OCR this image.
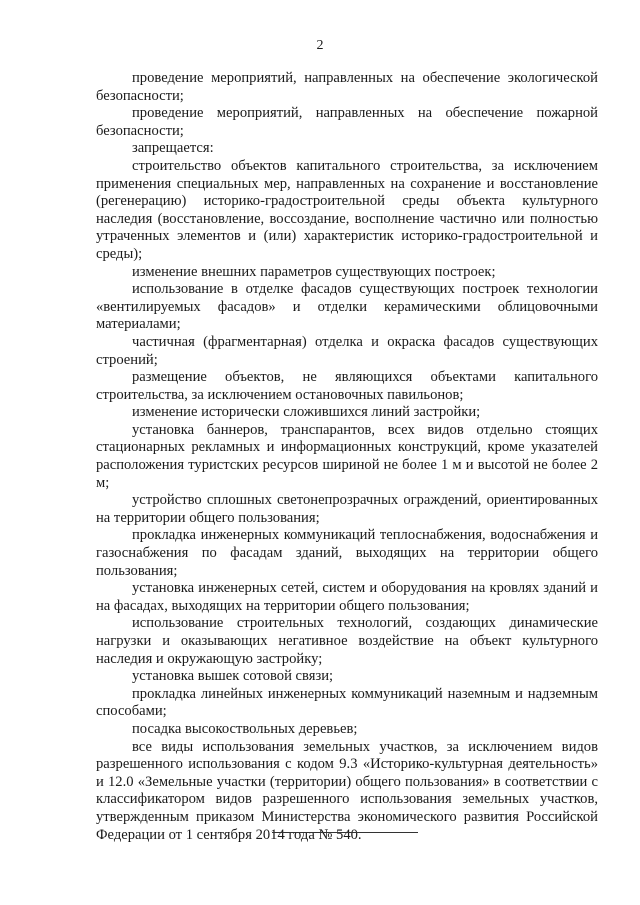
2

проведение мероприятий, направленных на обеспечение экологической безопасности;

проведение мероприятий, направленных на обеспечение пожарной безопасности;

запрещается:

строительство объектов капитального строительства, за исключением применения специальных мер, направленных на сохранение и восстановление (регенерацию) историко-градостроительной среды объекта культурного наследия (восстановление, воссоздание, восполнение частично или полностью утраченных элементов и (или) характеристик историко-градостроительной и среды);

изменение внешних параметров существующих построек;

использование в отделке фасадов существующих построек технологии «вентилируемых фасадов» и отделки керамическими облицовочными материалами;

частичная (фрагментарная) отделка и окраска фасадов существующих строений;

размещение объектов, не являющихся объектами капитального строительства, за исключением остановочных павильонов;

изменение исторически сложившихся линий застройки;

установка баннеров, транспарантов, всех видов отдельно стоящих стационарных рекламных и информационных конструкций, кроме указателей расположения туристских ресурсов шириной не более 1 м и высотой не более 2 м;

устройство сплошных светонепрозрачных ограждений, ориентированных на территории общего пользования;

прокладка инженерных коммуникаций теплоснабжения, водоснабжения и газоснабжения по фасадам зданий, выходящих на территории общего пользования;

установка инженерных сетей, систем и оборудования на кровлях зданий и на фасадах, выходящих на территории общего пользования;

использование строительных технологий, создающих динамические нагрузки и оказывающих негативное воздействие на объект культурного наследия и окружающую застройку;

установка вышек сотовой связи;

прокладка линейных инженерных коммуникаций наземным и надземным способами;

посадка высокоствольных деревьев;

все виды использования земельных участков, за исключением видов разрешенного использования с кодом 9.3 «Историко-культурная деятельность» и 12.0 «Земельные участки (территории) общего пользования» в соответствии с классификатором видов разрешенного использования земельных участков, утвержденным приказом Министерства экономического развития Российской Федерации от 1 сентября 2014 года № 540.
